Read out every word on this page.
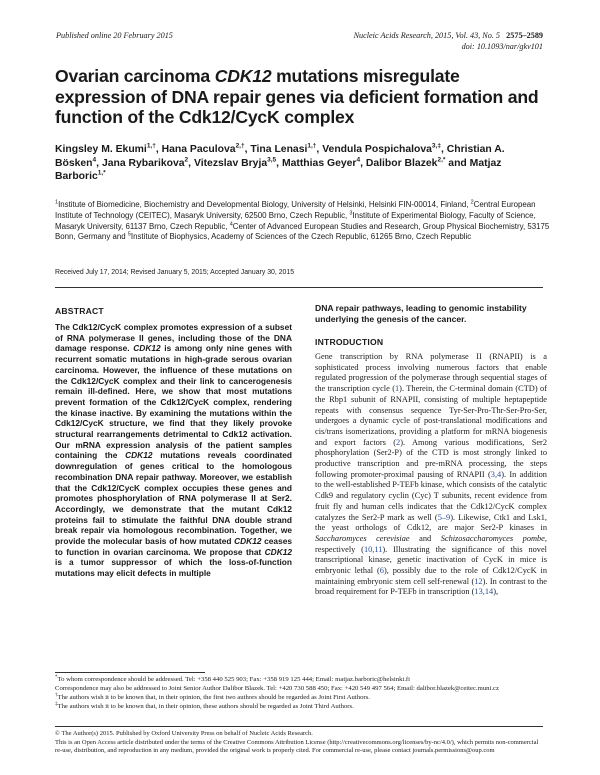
Published online 20 February 2015	Nucleic Acids Research, 2015, Vol. 43, No. 5 2575–2589
doi: 10.1093/nar/gkv101
Ovarian carcinoma CDK12 mutations misregulate expression of DNA repair genes via deficient formation and function of the Cdk12/CycK complex
Kingsley M. Ekumi$^{1,\dagger}$, Hana Paculova$^{2,\dagger}$, Tina Lenasi$^{1,\dagger}$, Vendula Pospichalova$^{3,\ddagger}$, Christian A. Bösken$^4$, Jana Rybarikova$^2$, Vitezslav Bryja$^{3,5}$, Matthias Geyer$^4$, Dalibor Blazek$^{2,*}$ and Matjaz Barboric$^{1,*}$
$^1$Institute of Biomedicine, Biochemistry and Developmental Biology, University of Helsinki, Helsinki FIN-00014, Finland, $^2$Central European Institute of Technology (CEITEC), Masaryk University, 62500 Brno, Czech Republic, $^3$Institute of Experimental Biology, Faculty of Science, Masaryk University, 61137 Brno, Czech Republic, $^4$Center of Advanced European Studies and Research, Group Physical Biochemistry, 53175 Bonn, Germany and $^5$Institute of Biophysics, Academy of Sciences of the Czech Republic, 61265 Brno, Czech Republic
Received July 17, 2014; Revised January 5, 2015; Accepted January 30, 2015
ABSTRACT
The Cdk12/CycK complex promotes expression of a subset of RNA polymerase II genes, including those of the DNA damage response. CDK12 is among only nine genes with recurrent somatic mutations in high-grade serous ovarian carcinoma. However, the influence of these mutations on the Cdk12/CycK complex and their link to cancerogenesis remain ill-defined. Here, we show that most mutations prevent formation of the Cdk12/CycK complex, rendering the kinase inactive. By examining the mutations within the Cdk12/CycK structure, we find that they likely provoke structural rearrangements detrimental to Cdk12 activation. Our mRNA expression analysis of the patient samples containing the CDK12 mutations reveals coordinated downregulation of genes critical to the homologous recombination DNA repair pathway. Moreover, we establish that the Cdk12/CycK complex occupies these genes and promotes phosphorylation of RNA polymerase II at Ser2. Accordingly, we demonstrate that the mutant Cdk12 proteins fail to stimulate the faithful DNA double strand break repair via homologous recombination. Together, we provide the molecular basis of how mutated CDK12 ceases to function in ovarian carcinoma. We propose that CDK12 is a tumor suppressor of which the loss-of-function mutations may elicit defects in multiple
DNA repair pathways, leading to genomic instability underlying the genesis of the cancer.
INTRODUCTION
Gene transcription by RNA polymerase II (RNAPII) is a sophisticated process involving numerous factors that enable regulated progression of the polymerase through sequential stages of the transcription cycle (1). Therein, the C-terminal domain (CTD) of the Rbp1 subunit of RNAPII, consisting of multiple heptapeptide repeats with consensus sequence Tyr-Ser-Pro-Thr-Ser-Pro-Ser, undergoes a dynamic cycle of post-translational modifications and cis/trans isomerizations, providing a platform for mRNA biogenesis and export factors (2). Among various modifications, Ser2 phosphorylation (Ser2-P) of the CTD is most strongly linked to productive transcription and pre-mRNA processing, the steps following promoter-proximal pausing of RNAPII (3,4). In addition to the well-established P-TEFb kinase, which consists of the catalytic Cdk9 and regulatory cyclin (Cyc) T subunits, recent evidence from fruit fly and human cells indicates that the Cdk12/CycK complex catalyzes the Ser2-P mark as well (5–9). Likewise, Ctk1 and Lsk1, the yeast orthologs of Cdk12, are major Ser2-P kinases in Saccharomyces cerevisiae and Schizosaccharomyces pombe, respectively (10,11). Illustrating the significance of this novel transcriptional kinase, genetic inactivation of CycK in mice is embryonic lethal (6), possibly due to the role of Cdk12/CycK in maintaining embryonic stem cell self-renewal (12). In contrast to the broad requirement for P-TEFb in transcription (13,14),
*To whom correspondence should be addressed. Tel: +358 440 525 903; Fax: +358 919 125 444; Email: matjaz.barboric@helsinki.fi
Correspondence may also be addressed to Joint Senior Author Dalibor Blazek. Tel: +420 730 588 450; Fax: +420 549 497 564; Email: dalibor.blazek@ceitec.muni.cz
†The authors wish it to be known that, in their opinion, the first two authors should be regarded as Joint First Authors.
‡The authors wish it to be known that, in their opinion, these authors should be regarded as Joint Third Authors.
© The Author(s) 2015. Published by Oxford University Press on behalf of Nucleic Acids Research.
This is an Open Access article distributed under the terms of the Creative Commons Attribution License (http://creativecommons.org/licenses/by-nc/4.0/), which permits non-commercial re-use, distribution, and reproduction in any medium, provided the original work is properly cited. For commercial re-use, please contact journals.permissions@oup.com
